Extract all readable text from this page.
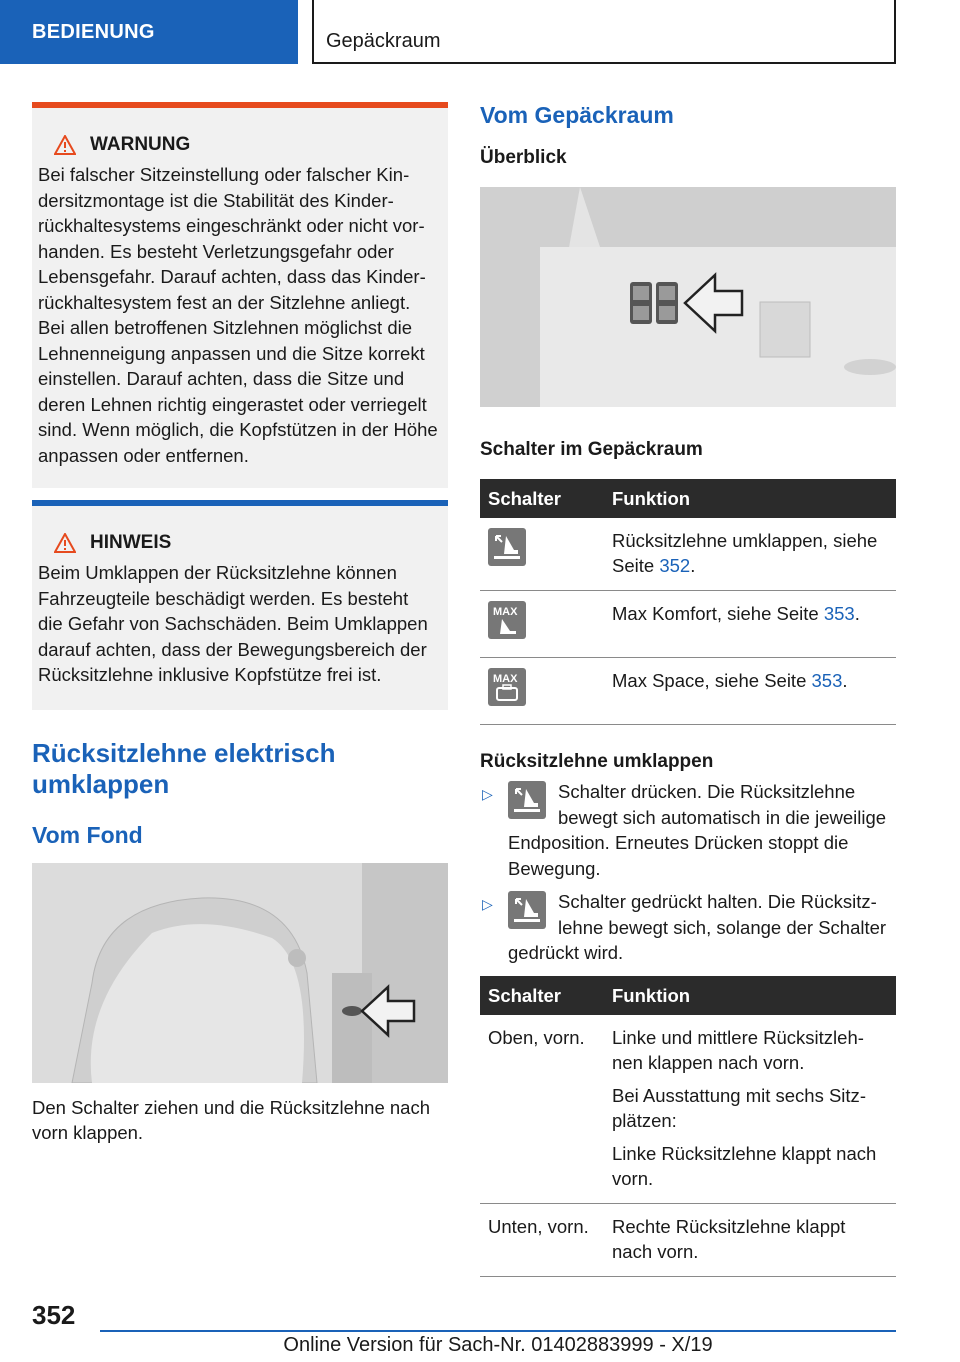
BEDIENUNG	Gepäckraum
WARNUNG
Bei falscher Sitzeinstellung oder falscher Kindersitzmontage ist die Stabilität des Kinderrückhaltesystems eingeschränkt oder nicht vorhanden. Es besteht Verletzungsgefahr oder Lebensgefahr. Darauf achten, dass das Kinderrückhaltesystem fest an der Sitzlehne anliegt. Bei allen betroffenen Sitzlehnen möglichst die Lehnenneigung anpassen und die Sitze korrekt einstellen. Darauf achten, dass die Sitze und deren Lehnen richtig eingerastet oder verriegelt sind. Wenn möglich, die Kopfstützen in der Höhe anpassen oder entfernen.
HINWEIS
Beim Umklappen der Rücksitzlehne können Fahrzeugteile beschädigt werden. Es besteht die Gefahr von Sachschäden. Beim Umklappen darauf achten, dass der Bewegungsbereich der Rücksitzlehne inklusive Kopfstütze frei ist.
Rücksitzlehne elektrisch umklappen
Vom Fond

Den Schalter ziehen und die Rücksitzlehne nach vorn klappen.

Vom Gepäckraum
Überblick
Schalter im Gepäckraum
Schalter	Funktion
	Rücksitzlehne umklappen, siehe Seite 352.

MAX	Max Komfort, siehe Seite 353.

MAX	Max Space, siehe Seite 353.
Rücksitzlehne umklappen
▷	Schalter drücken. Die Rücksitzlehne bewegt sich automatisch in die jeweilige Endposition. Erneutes Drücken stoppt die Bewegung.
▷	Schalter gedrückt halten. Die Rücksitzlehne bewegt sich, solange der Schalter gedrückt wird.
Schalter	Funktion
Oben, vorn.	Linke und mittlere Rücksitzlehnen klappen nach vorn.

Bei Ausstattung mit sechs Sitzplätzen:

Linke Rücksitzlehne klappt nach vorn.

Unten, vorn.	Rechte Rücksitzlehne klappt nach vorn.

352
Online Version für Sach-Nr. 01402883999 - X/19
